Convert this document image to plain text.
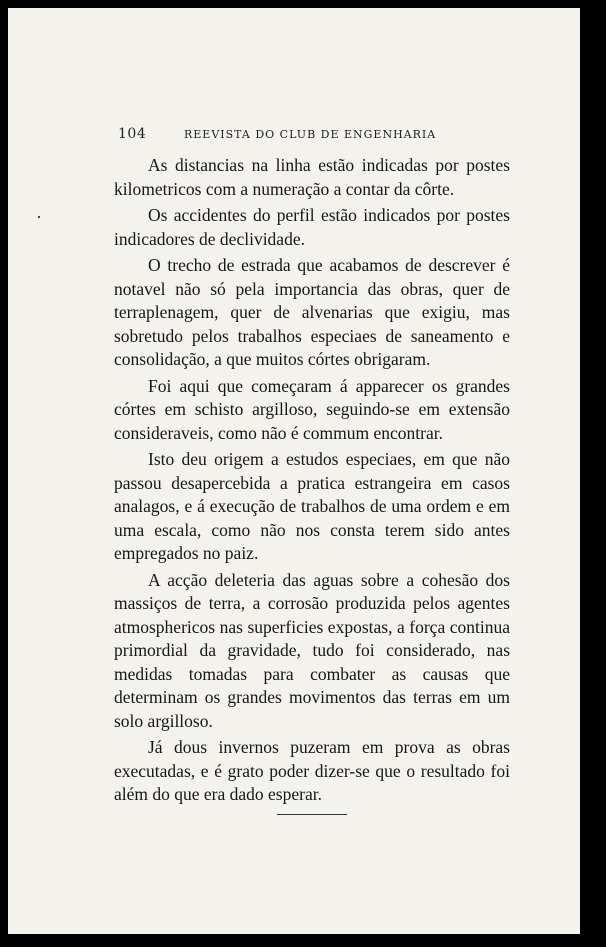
104	REEVISTA DO CLUB DE ENGENHARIA

As distancias na linha estão indicadas por postes kilometricos com a numeração a contar da côrte.

Os accidentes do perfil estão indicados por postes indicadores de declividade.

O trecho de estrada que acabamos de descrever é notavel não só pela importancia das obras, quer de terraplenagem, quer de alvenarias que exigiu, mas sobretudo pelos trabalhos especiaes de saneamento e consolidação, a que muitos córtes obrigaram.

Foi aqui que começaram á apparecer os grandes córtes em schisto argilloso, seguindo-se em extensão consideraveis, como não é commum encontrar.

Isto deu origem a estudos especiaes, em que não passou desapercebida a pratica estrangeira em casos analagos, e á execução de trabalhos de uma ordem e em uma escala, como não nos consta terem sido antes empregados no paiz.

A acção deleteria das aguas sobre a cohesão dos massiços de terra, a corrosão produzida pelos agentes atmosphericos nas superficies expostas, a força continua primordial da gravidade, tudo foi considerado, nas medidas tomadas para combater as causas que determinam os grandes movimentos das terras em um solo argilloso.

Já dous invernos puzeram em prova as obras executadas, e é grato poder dizer-se que o resultado foi além do que era dado esperar.
